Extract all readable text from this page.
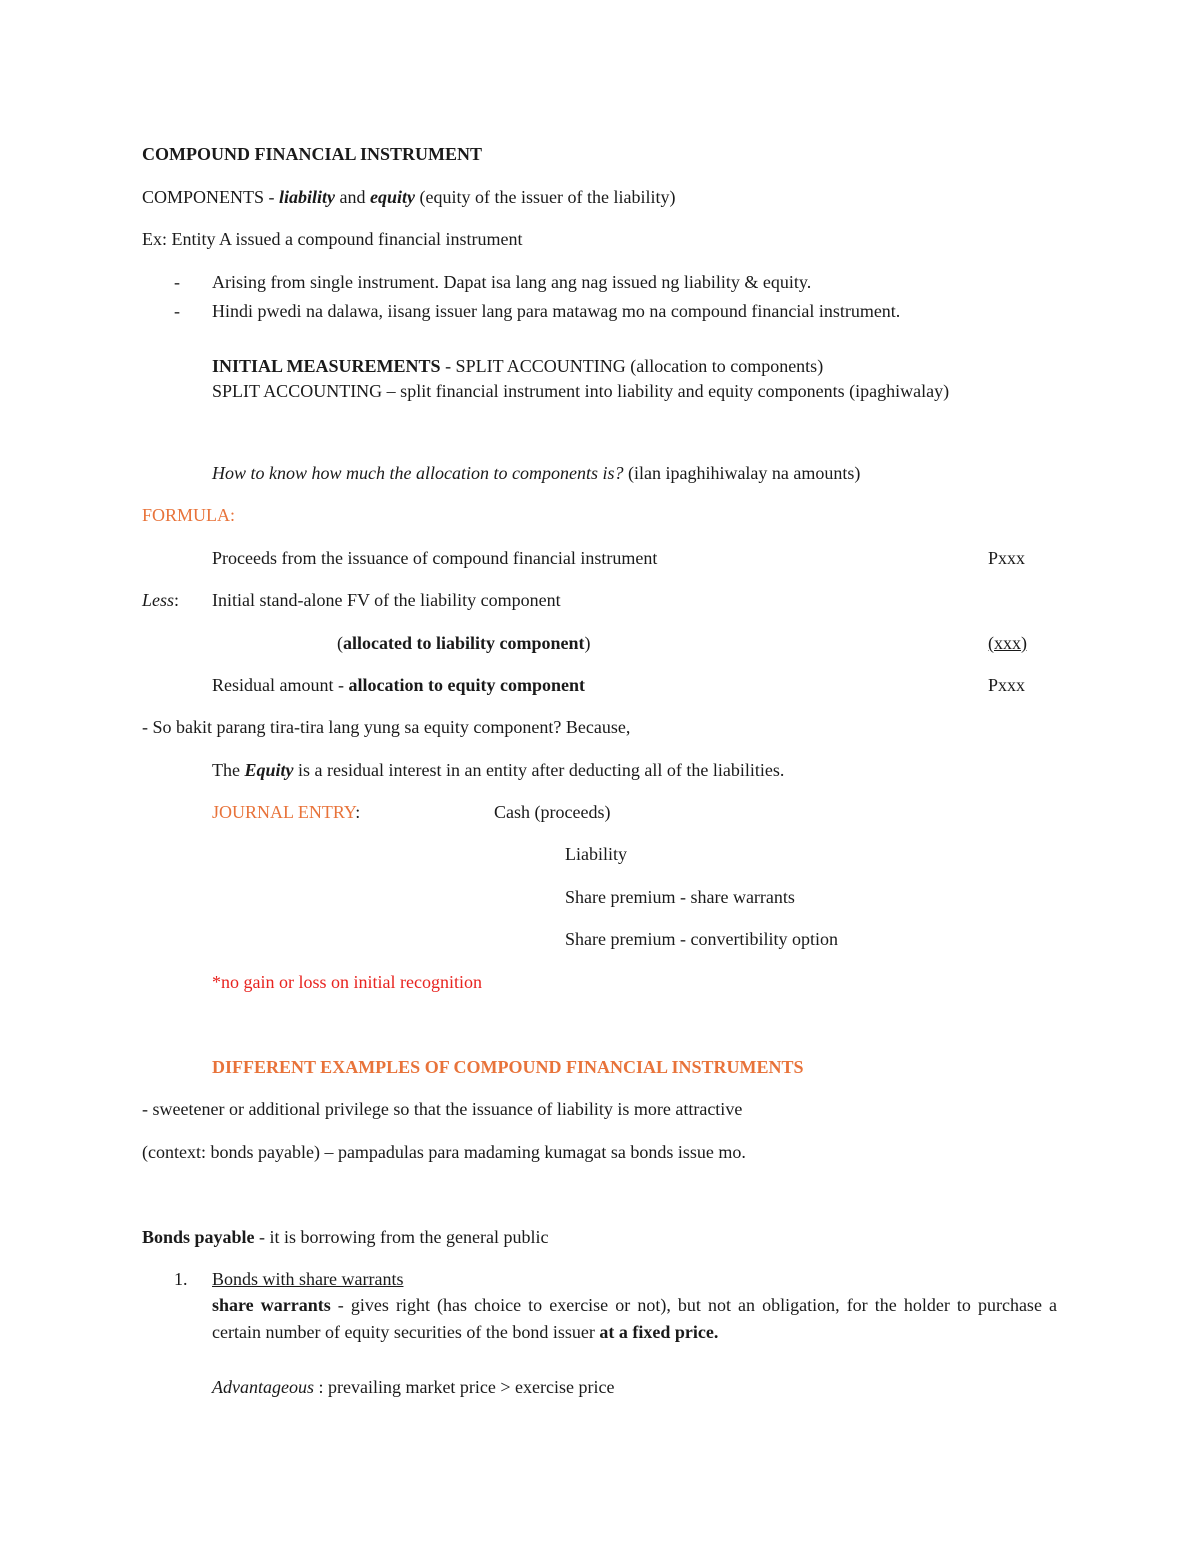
COMPOUND FINANCIAL INSTRUMENT
COMPONENTS - liability and equity (equity of the issuer of the liability)
Ex: Entity A issued a compound financial instrument
- Arising from single instrument. Dapat isa lang ang nag issued ng liability & equity.
- Hindi pwedi na dalawa, iisang issuer lang para matawag mo na compound financial instrument.
INITIAL MEASUREMENTS - SPLIT ACCOUNTING (allocation to components)
SPLIT ACCOUNTING – split financial instrument into liability and equity components (ipaghiwalay)
How to know how much the allocation to components is? (ilan ipaghihiwalay na amounts)
FORMULA:
Proceeds from the issuance of compound financial instrument	Pxxx
Less: Initial stand-alone FV of the liability component
(allocated to liability component)	(xxx)
Residual amount - allocation to equity component	Pxxx
- So bakit parang tira-tira lang yung sa equity component? Because,
The Equity is a residual interest in an entity after deducting all of the liabilities.
JOURNAL ENTRY:	Cash (proceeds)
Liability
Share premium - share warrants
Share premium - convertibility option
*no gain or loss on initial recognition
DIFFERENT EXAMPLES OF COMPOUND FINANCIAL INSTRUMENTS
- sweetener or additional privilege so that the issuance of liability is more attractive
(context: bonds payable) – pampadulas para madaming kumagat sa bonds issue mo.
Bonds payable - it is borrowing from the general public
1. Bonds with share warrants
share warrants - gives right (has choice to exercise or not), but not an obligation, for the holder to purchase a certain number of equity securities of the bond issuer at a fixed price.
Advantageous : prevailing market price > exercise price
